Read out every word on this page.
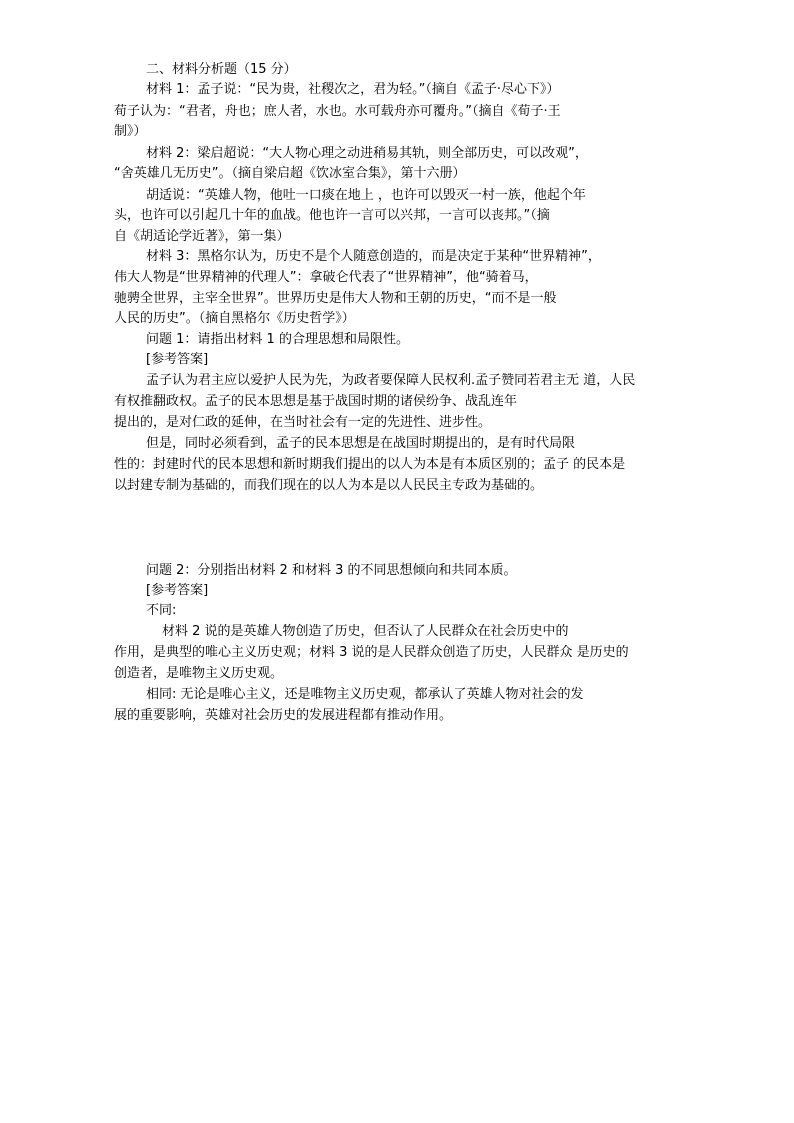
二、材料分析题（15 分）
材料 1：孟子说：“民为贵，社稷次之，君为轻。”（摘自《孟子·尽心下》）
荀子认为：“君者，舟也；庶人者，水也。水可载舟亦可覆舟。”（摘自《荀子·王
制》）
材料 2：梁启超说：“大人物心理之动进稍易其轨，则全部历史，可以改观”，
“舍英雄几无历史”。（摘自梁启超《饮冰室合集》，第十六册）
胡适说：“英雄人物，他吐一口痰在地上 ，也许可以毁灭一村一族，他起个年
头，也许可以引起几十年的血战。他也许一言可以兴邦，一言可以丧邦。”（摘
自《胡适论学近著》，第一集）
材料 3：黑格尔认为，历史不是个人随意创造的，而是决定于某种“世界精神”，
伟大人物是“世界精神的代理人”：拿破仑代表了“世界精神”，他“骑着马，
驰骋全世界，主宰全世界”。世界历史是伟大人物和王朝的历史，“而不是一般
人民的历史”。（摘自黑格尔《历史哲学》）
问题 1：请指出材料 1 的合理思想和局限性。
[参考答案]
孟子认为君主应以爱护人民为先，为政者要保障人民权利.孟子赞同若君主无 道，人民
有权推翻政权。孟子的民本思想是基于战国时期的诸侯纷争、战乱连年
提出的，是对仁政的延伸，在当时社会有一定的先进性、进步性。
但是，同时必须看到，孟子的民本思想是在战国时期提出的，是有时代局限
性的：封建时代的民本思想和新时期我们提出的以人为本是有本质区别的；孟子 的民本是
以封建专制为基础的，而我们现在的以人为本是以人民民主专政为基础的。
问题 2：分别指出材料 2 和材料 3 的不同思想倾向和共同本质。
[参考答案]
不同:
材料 2 说的是英雄人物创造了历史，但否认了人民群众在社会历史中的
作用，是典型的唯心主义历史观；材料 3 说的是人民群众创造了历史，人民群众 是历史的
创造者，是唯物主义历史观。
相同: 无论是唯心主义，还是唯物主义历史观，都承认了英雄人物对社会的发
展的重要影响，英雄对社会历史的发展进程都有推动作用。
